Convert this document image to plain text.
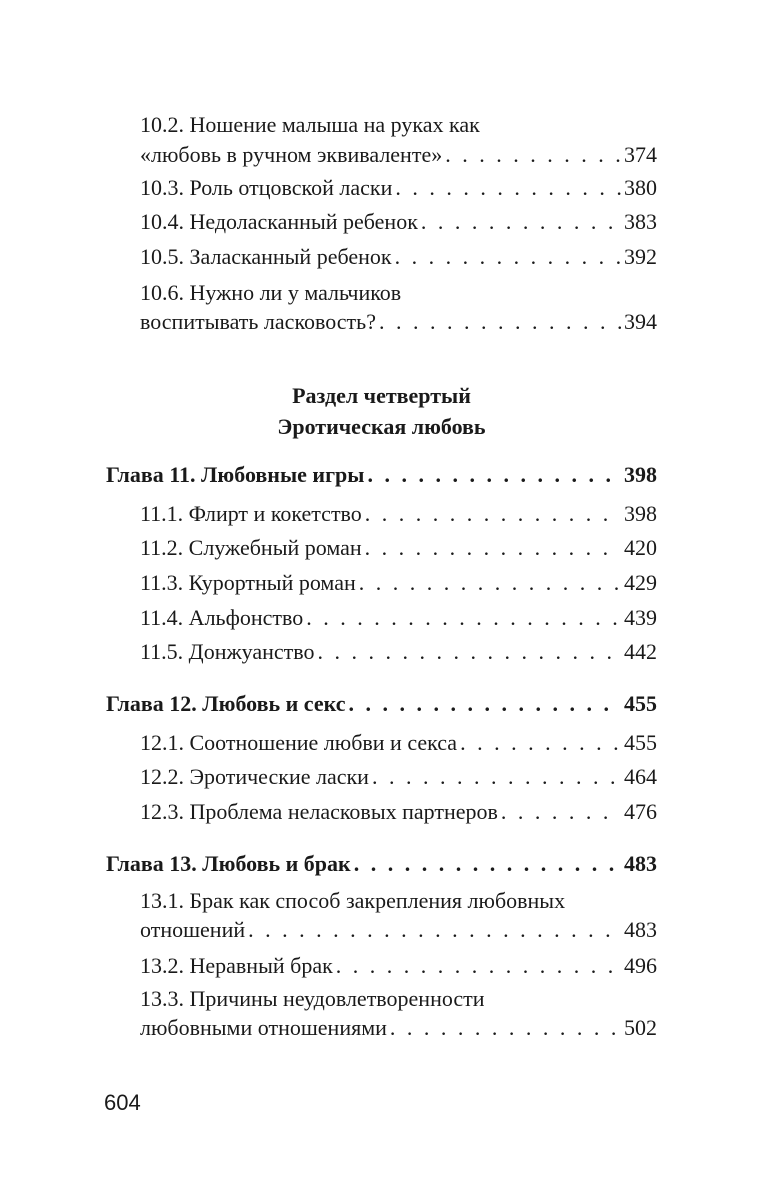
10.2. Ношение малыша на руках как
«любовь в ручном эквиваленте» . . .	374
10.3. Роль отцовской ласки . . .	380
10.4. Недоласканный ребенок . . .	383
10.5. Заласканный ребенок . . .	392
10.6. Нужно ли у мальчиков
воспитывать ласковость? . . .	394
Раздел четвертый
Эротическая любовь
Глава 11. Любовные игры . . .	398
11.1. Флирт и кокетство . . .	398
11.2. Служебный роман . . .	420
11.3. Курортный роман . . .	429
11.4. Альфонство . . .	439
11.5. Донжуанство . . .	442
Глава 12. Любовь и секс . . .	455
12.1. Соотношение любви и секса . . .	455
12.2. Эротические ласки . . .	464
12.3. Проблема неласковых партнеров . . .	476
Глава 13. Любовь и брак . . .	483
13.1. Брак как способ закрепления любовных
отношений . . .	483
13.2. Неравный брак . . .	496
13.3. Причины неудовлетворенности
любовными отношениями . . .	502
604
